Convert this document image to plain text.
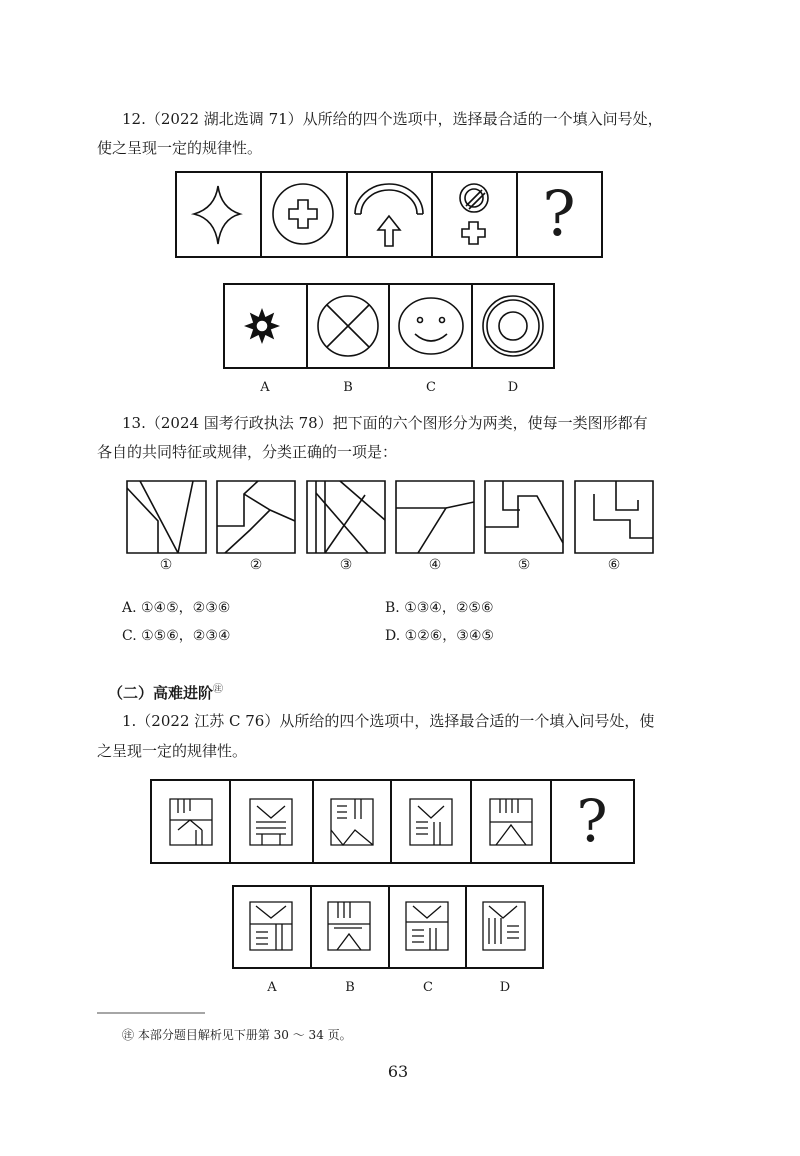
12.（2022 湖北选调 71）从所给的四个选项中，选择最合适的一个填入问号处，
使之呈现一定的规律性。
?
A	B	C	D
13.（2024 国考行政执法 78）把下面的六个图形分为两类，使每一类图形都有
各自的共同特征或规律，分类正确的一项是：
①	②	③	④	⑤	⑥
A. ①④⑤，②③⑥	B. ①③④，②⑤⑥
C. ①⑤⑥，②③④	D. ①②⑥，③④⑤
（二）高难进阶㊟
1.（2022 江苏 C 76）从所给的四个选项中，选择最合适的一个填入问号处，使
之呈现一定的规律性。
?
A	B	C	D
㊟ 本部分题目解析见下册第 30 ～ 34 页。
63
